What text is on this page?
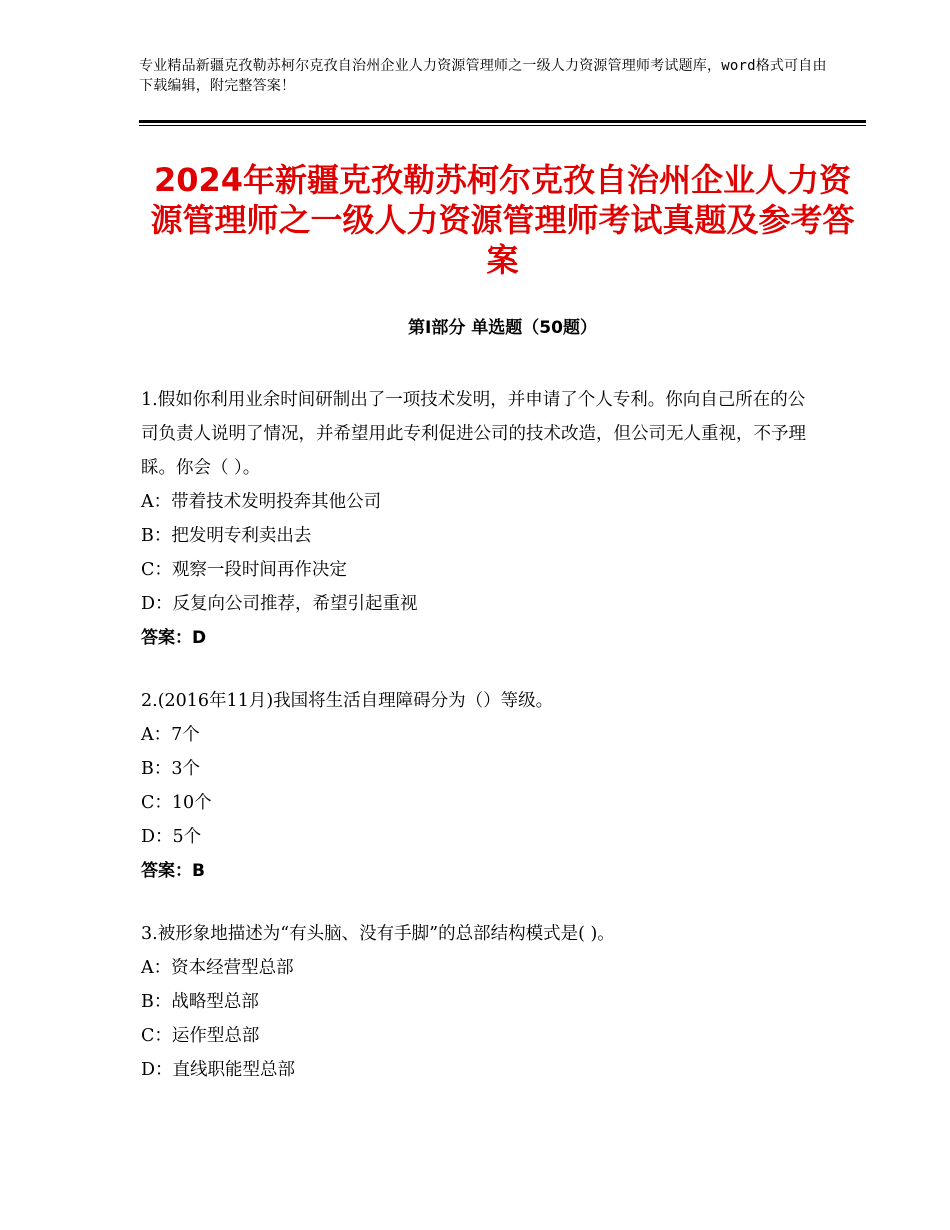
专业精品新疆克孜勒苏柯尔克孜自治州企业人力资源管理师之一级人力资源管理师考试题库，word格式可自由下载编辑，附完整答案！
2024年新疆克孜勒苏柯尔克孜自治州企业人力资源管理师之一级人力资源管理师考试真题及参考答案
第Ⅰ部分 单选题（50题）
1.假如你利用业余时间研制出了一项技术发明，并申请了个人专利。你向自己所在的公司负责人说明了情况，并希望用此专利促进公司的技术改造，但公司无人重视，不予理睬。你会（ ）。
A：带着技术发明投奔其他公司
B：把发明专利卖出去
C：观察一段时间再作决定
D：反复向公司推荐，希望引起重视
答案：D
2.(2016年11月)我国将生活自理障碍分为（）等级。
A：7个
B：3个
C：10个
D：5个
答案：B
3.被形象地描述为“有头脑、没有手脚”的总部结构模式是( )。
A：资本经营型总部
B：战略型总部
C：运作型总部
D：直线职能型总部
